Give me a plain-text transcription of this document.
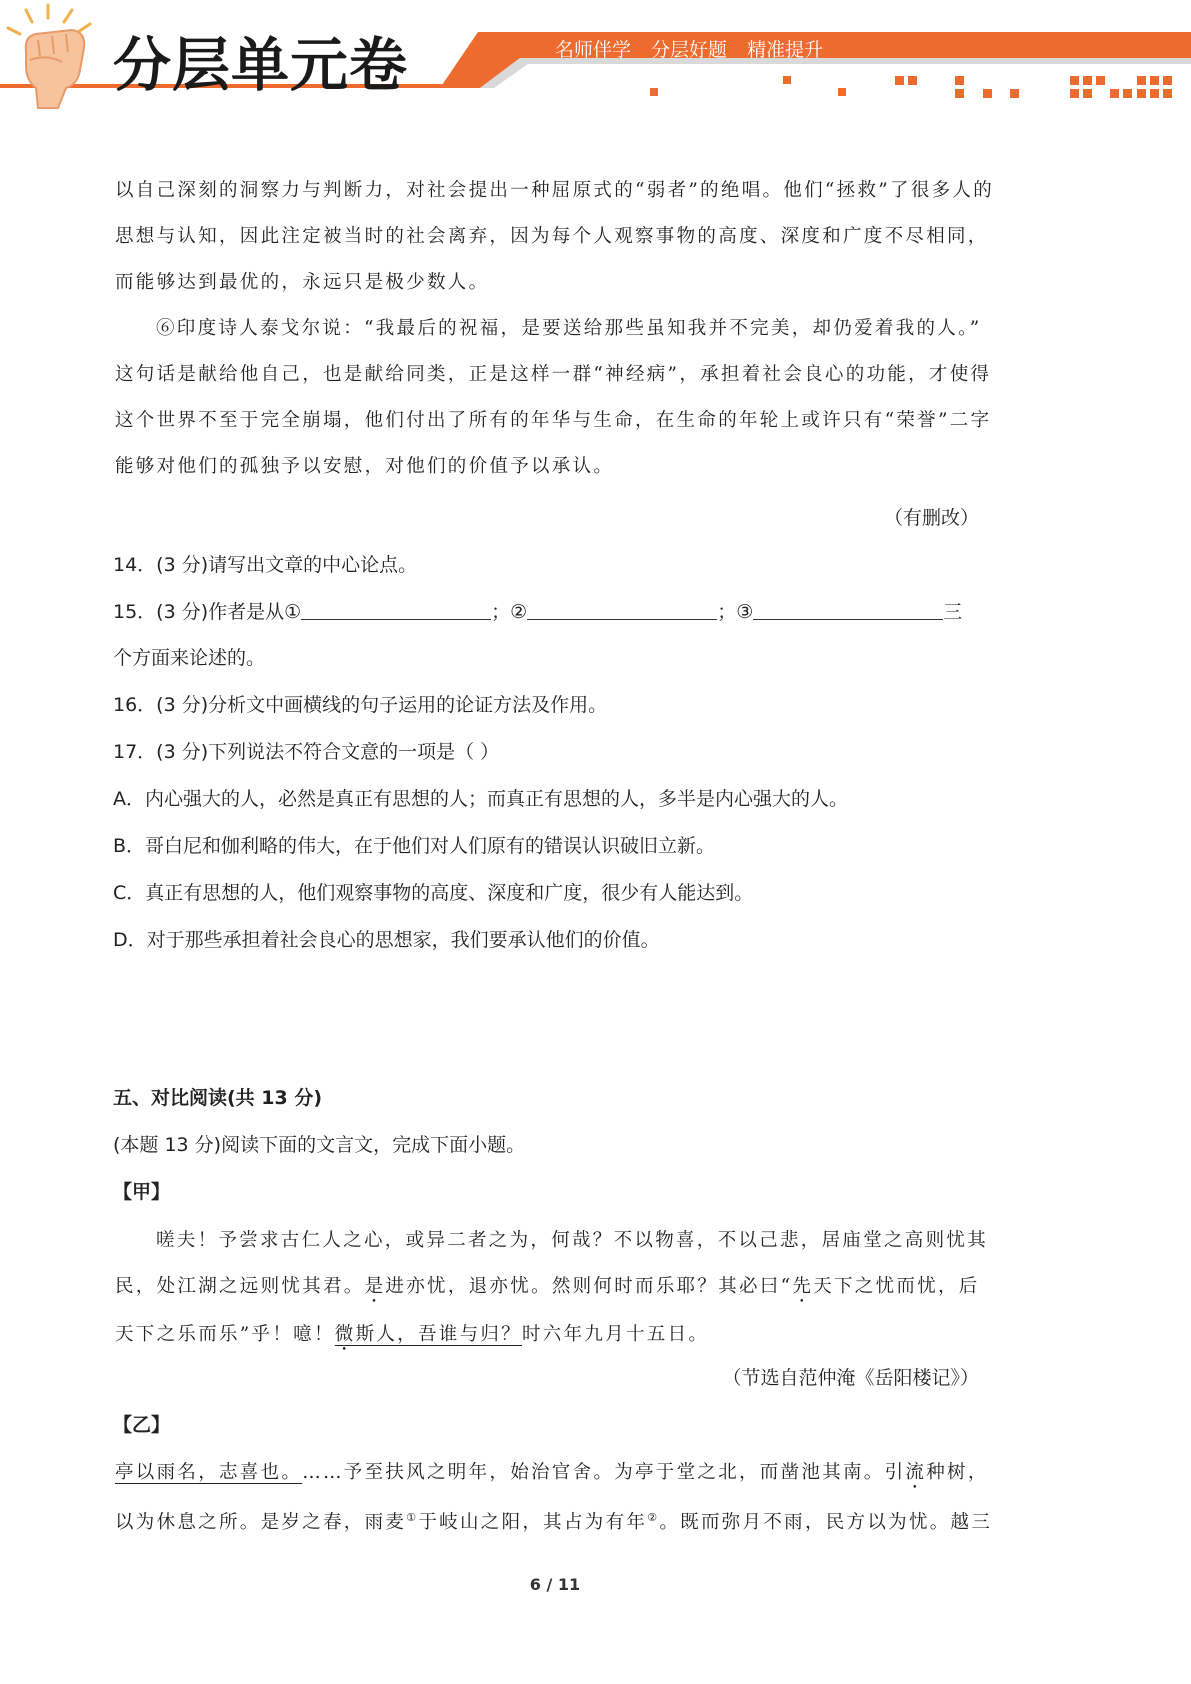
分层单元卷	名师伴学 分层好题 精准提升
以自己深刻的洞察力与判断力，对社会提出一种屈原式的“弱者”的绝唱。他们“拯救”了很多人的
思想与认知，因此注定被当时的社会离弃，因为每个人观察事物的高度、深度和广度不尽相同，
而能够达到最优的，永远只是极少数人。
⑥印度诗人泰戈尔说：“我最后的祝福，是要送给那些虽知我并不完美，却仍爱着我的人。”
这句话是献给他自己，也是献给同类，正是这样一群“神经病”，承担着社会良心的功能，才使得
这个世界不至于完全崩塌，他们付出了所有的年华与生命，在生命的年轮上或许只有“荣誉”二字
能够对他们的孤独予以安慰，对他们的价值予以承认。
（有删改）
14．(3 分)请写出文章的中心论点。
15．(3 分)作者是从①	；②	；③	三
个方面来论述的。
16．(3 分)分析文中画横线的句子运用的论证方法及作用。
17．(3 分)下列说法不符合文意的一项是（ ）
A．内心强大的人，必然是真正有思想的人；而真正有思想的人，多半是内心强大的人。
B．哥白尼和伽利略的伟大，在于他们对人们原有的错误认识破旧立新。
C．真正有思想的人，他们观察事物的高度、深度和广度，很少有人能达到。
D．对于那些承担着社会良心的思想家，我们要承认他们的价值。
五、对比阅读(共 13 分)
(本题 13 分)阅读下面的文言文，完成下面小题。
【甲】
嗟夫！予尝求古仁人之心，或异二者之为，何哉？不以物喜，不以己悲，居庙堂之高则忧其
民，处江湖之远则忧其君。是进亦忧，退亦忧。然则何时而乐耶？其必曰“先天下之忧而忧，后
天下之乐而乐”乎！噫！微斯人，吾谁与归？时六年九月十五日。
（节选自范仲淹《岳阳楼记》）
【乙】
亭以雨名，志喜也。……予至扶风之明年，始治官舍。为亭于堂之北，而凿池其南。引流种树，
以为休息之所。是岁之春，雨麦①于岐山之阳，其占为有年②。既而弥月不雨，民方以为忧。越三
6 / 11
